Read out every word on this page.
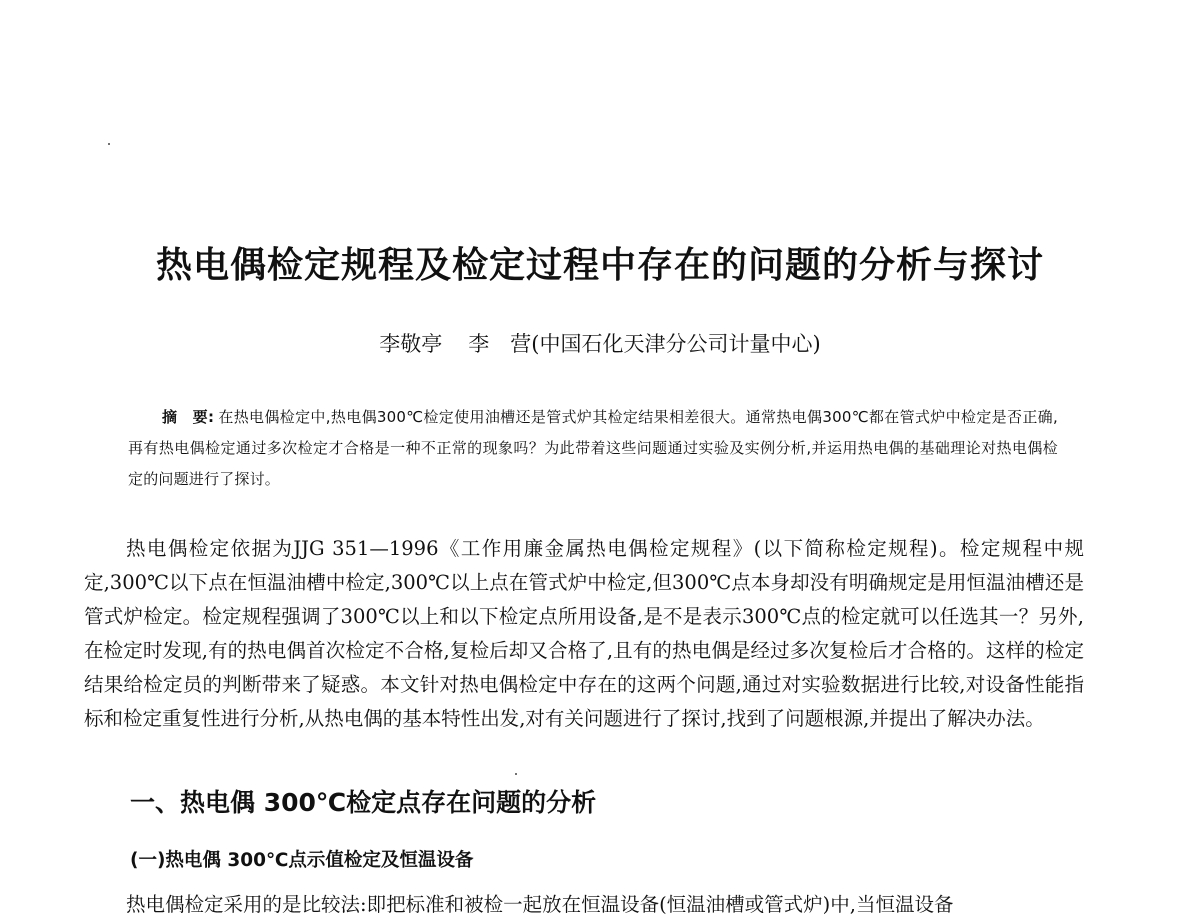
热电偶检定规程及检定过程中存在的问题的分析与探讨
李敬亭 李　营(中国石化天津分公司计量中心)
摘　要: 在热电偶检定中,热电偶300℃检定使用油槽还是管式炉其检定结果相差很大。通常热电偶300℃都在管式炉中检定是否正确,再有热电偶检定通过多次检定才合格是一种不正常的现象吗？为此带着这些问题通过实验及实例分析,并运用热电偶的基础理论对热电偶检定的问题进行了探讨。

热电偶检定依据为JJG 351—1996《工作用廉金属热电偶检定规程》(以下简称检定规程)。检定规程中规定,300℃以下点在恒温油槽中检定,300℃以上点在管式炉中检定,但300℃点本身却没有明确规定是用恒温油槽还是管式炉检定。检定规程强调了300℃以上和以下检定点所用设备,是不是表示300℃点的检定就可以任选其一？另外,在检定时发现,有的热电偶首次检定不合格,复检后却又合格了,且有的热电偶是经过多次复检后才合格的。这样的检定结果给检定员的判断带来了疑惑。本文针对热电偶检定中存在的这两个问题,通过对实验数据进行比较,对设备性能指标和检定重复性进行分析,从热电偶的基本特性出发,对有关问题进行了探讨,找到了问题根源,并提出了解决办法。

一、热电偶 300℃检定点存在问题的分析
(一)热电偶 300℃点示值检定及恒温设备
热电偶检定采用的是比较法:即把标准和被检一起放在恒温设备(恒温油槽或管式炉)中,当恒温设备
